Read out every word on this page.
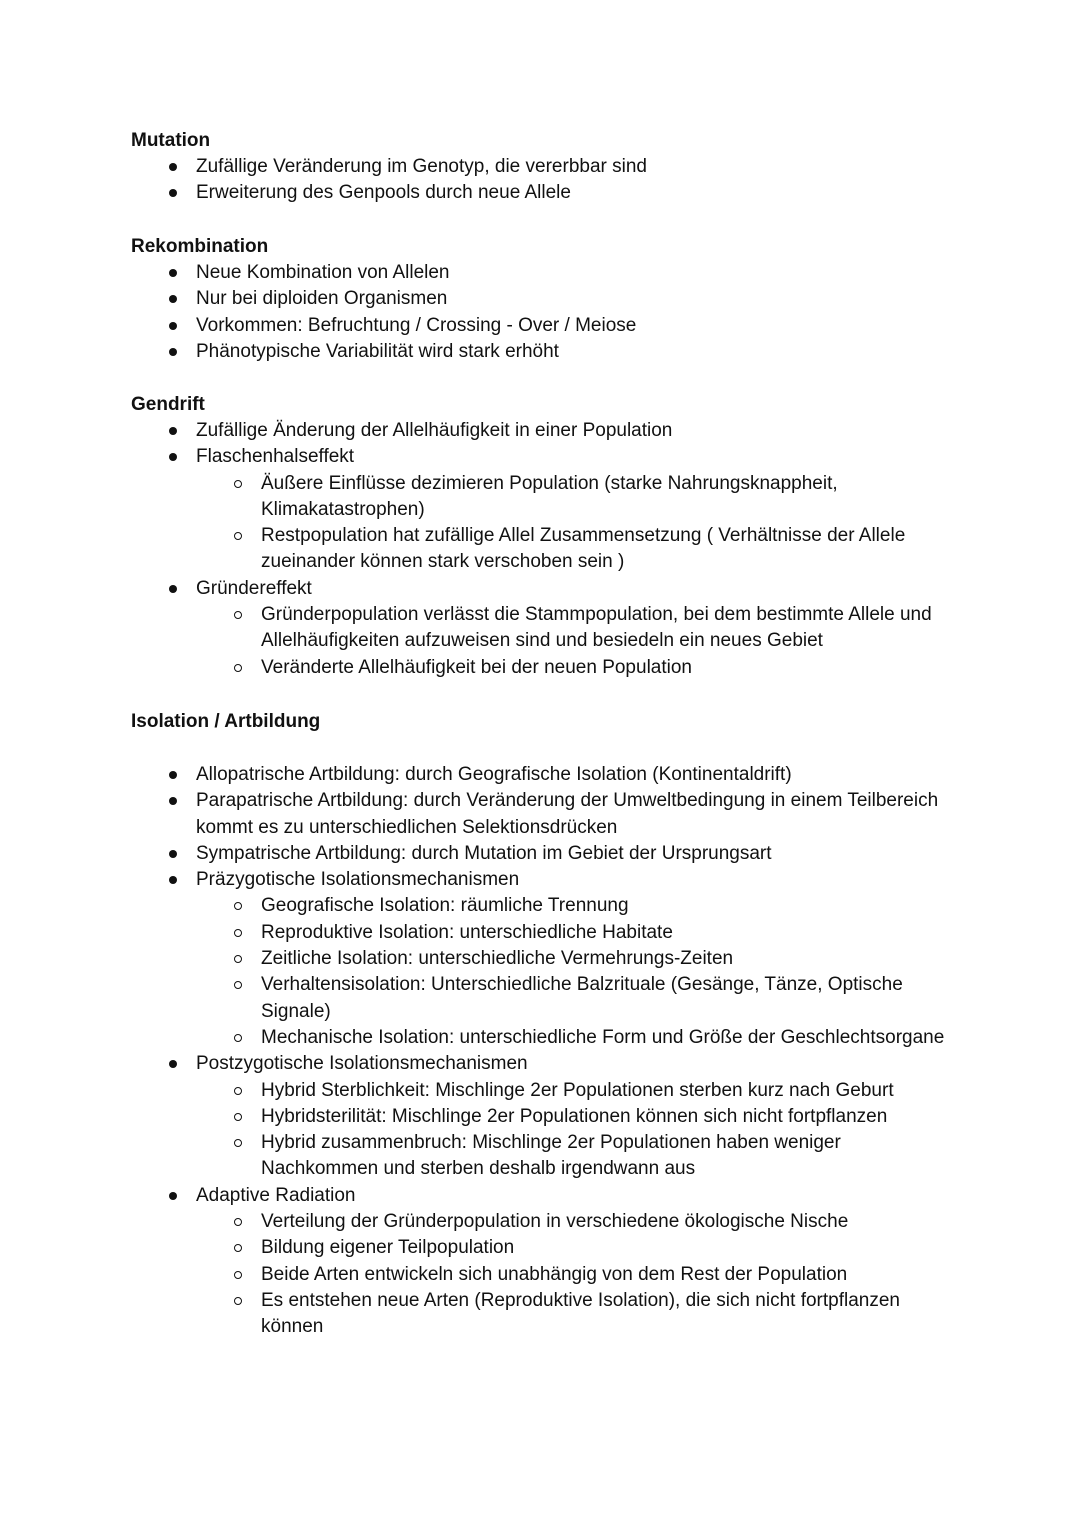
Mutation

Zufällige Veränderung im Genotyp, die vererbbar sind
Erweiterung des Genpools durch neue Allele

Rekombination

Neue Kombination von Allelen
Nur bei diploiden Organismen
Vorkommen: Befruchtung / Crossing - Over / Meiose
Phänotypische Variabilität wird stark erhöht

Gendrift

Zufällige Änderung der Allelhäufigkeit in einer Population
Flaschenhalseffekt
Äußere Einflüsse dezimieren Population (starke Nahrungsknappheit, Klimakatastrophen)
Restpopulation hat zufällige Allel Zusammensetzung ( Verhältnisse der Allele zueinander können stark verschoben sein )
Gründereffekt
Gründerpopulation verlässt die Stammpopulation, bei dem bestimmte Allele und Allelhäufigkeiten aufzuweisen sind und besiedeln ein neues Gebiet
Veränderte Allelhäufigkeit bei der neuen Population

Isolation / Artbildung

Allopatrische Artbildung: durch Geografische Isolation (Kontinentaldrift)
Parapatrische Artbildung: durch Veränderung der Umweltbedingung in einem Teilbereich kommt es zu unterschiedlichen Selektionsdrücken
Sympatrische Artbildung: durch Mutation im Gebiet der Ursprungsart
Präzygotische Isolationsmechanismen
Geografische Isolation: räumliche Trennung
Reproduktive Isolation: unterschiedliche Habitate
Zeitliche Isolation: unterschiedliche Vermehrungs-Zeiten
Verhaltensisolation: Unterschiedliche Balzrituale (Gesänge, Tänze, Optische Signale)
Mechanische Isolation: unterschiedliche Form und Größe der Geschlechtsorgane
Postzygotische Isolationsmechanismen
Hybrid Sterblichkeit: Mischlinge 2er Populationen sterben kurz nach Geburt
Hybridsterilität: Mischlinge 2er Populationen können sich nicht fortpflanzen
Hybrid zusammenbruch: Mischlinge 2er Populationen haben weniger Nachkommen und sterben deshalb irgendwann aus
Adaptive Radiation
Verteilung der Gründerpopulation in verschiedene ökologische Nische
Bildung eigener Teilpopulation
Beide Arten entwickeln sich unabhängig von dem Rest der Population
Es entstehen neue Arten (Reproduktive Isolation), die sich nicht fortpflanzen können
